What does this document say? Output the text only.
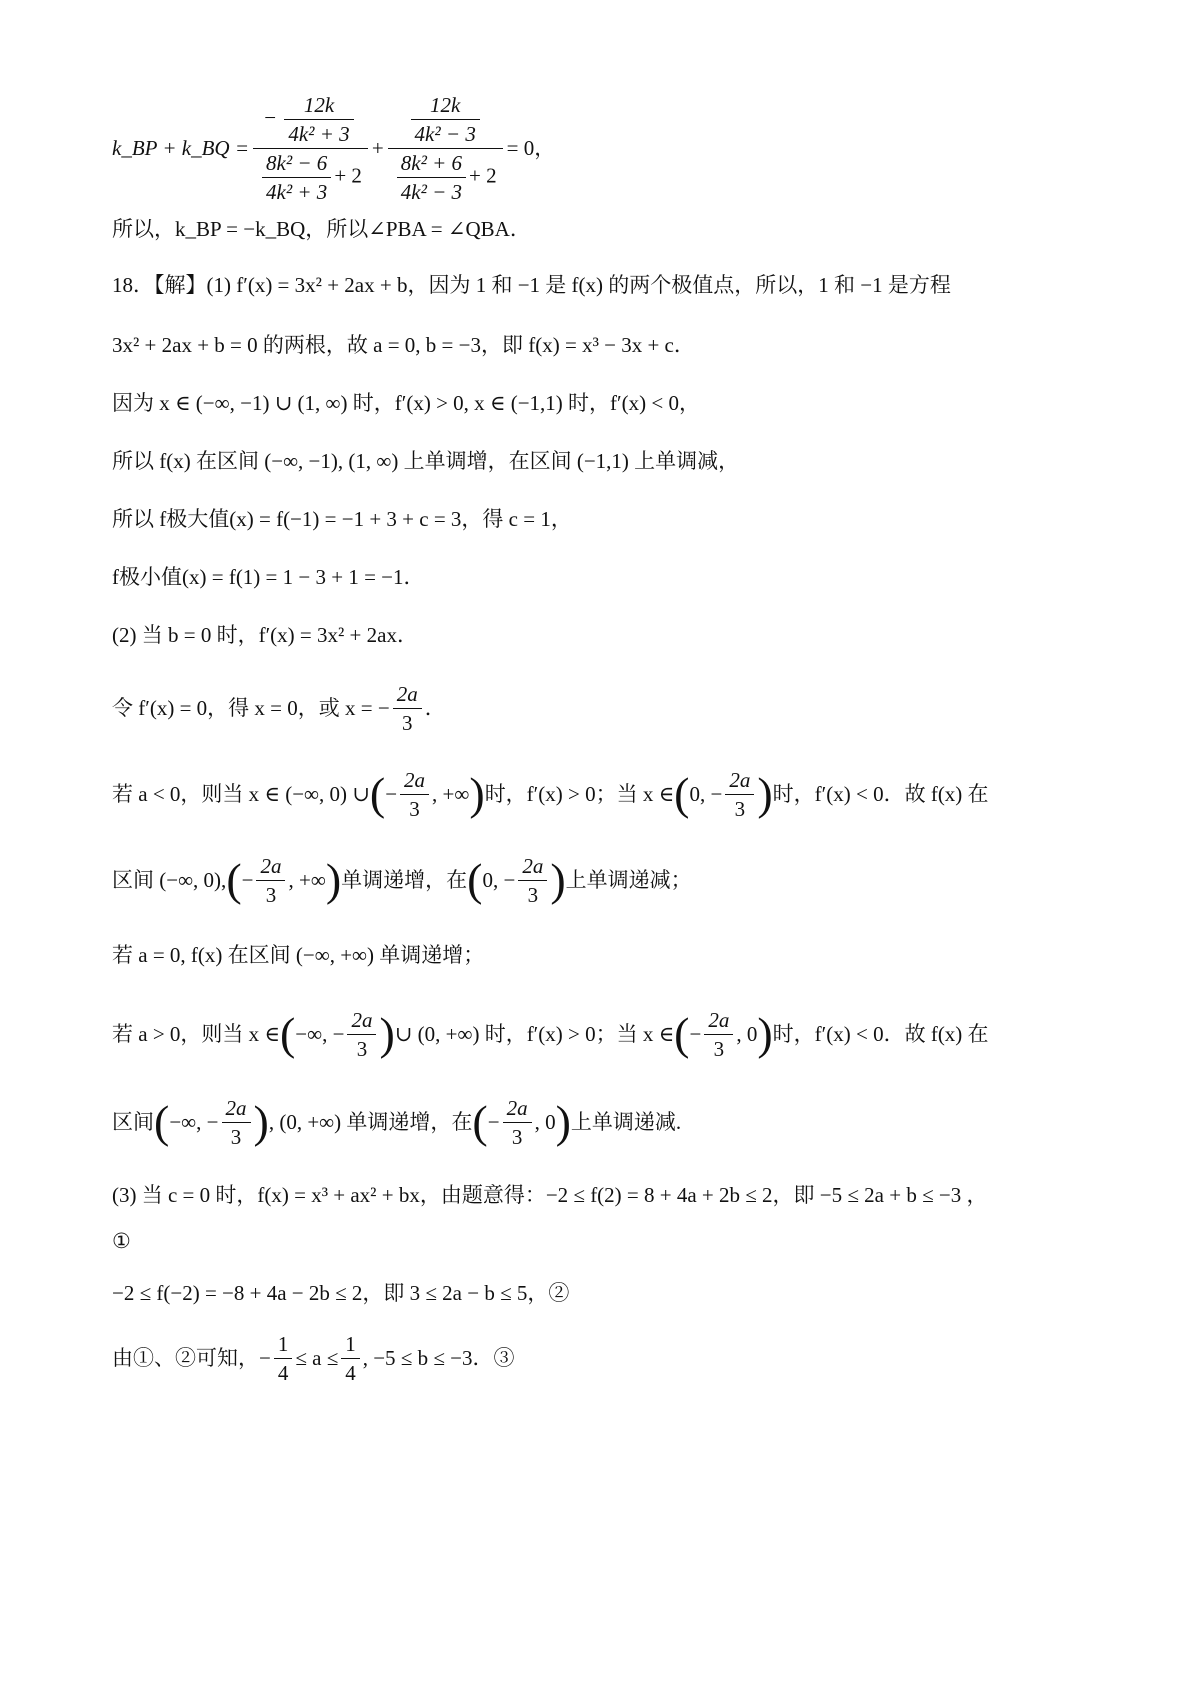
k_BP + k_BQ = $\frac{- \frac{12k}{\text{4k² + 3}}}{\frac{\text{8k² − 6}}{\text{4k² + 3}} + 2} + \frac{\frac{12k}{\text{4k² − 3}}}{\frac{\text{8k² + 6}}{\text{4k² − 3}} + 2} = 0$，
所以，k_BP = −k_BQ，所以∠PBA = ∠QBA．
18．【解】(1) f′(x) = 3x² + 2ax + b，因为 1 和 −1 是 f(x) 的两个极值点，所以，1 和 −1 是方程
3x² + 2ax + b = 0 的两根，故 a = 0, b = −3，即 f(x) = x³ − 3x + c．
因为 x ∈ (−∞, −1) ∪ (1, ∞) 时，f′(x) > 0, x ∈ (−1,1) 时，f′(x) < 0，
所以 f(x) 在区间 (−∞, −1), (1, ∞) 上单调增，在区间 (−1,1) 上单调减，
所以 f极大值(x) = f(−1) = −1 + 3 + c = 3，得 c = 1，
f极小值(x) = f(1) = 1 − 3 + 1 = −1．
(2) 当 b = 0 时，f′(x) = 3x² + 2ax．
令 f′(x) = 0，得 x = 0，或 x = − $\frac{2a}{3}$ ．
若 a < 0，则当 x ∈ (−∞, 0) ∪ ( − $\frac{2a}{3}$ , +∞ ) 时，f′(x) > 0；当 x ∈ ( 0, − $\frac{2a}{3}$ ) 时，f′(x) < 0．故 f(x) 在
区间 (−∞, 0), ( − $\frac{2a}{3}$ , +∞ ) 单调递增，在 ( 0, − $\frac{2a}{3}$ ) 上单调递减；
若 a = 0, f(x) 在区间 (−∞, +∞) 单调递增；
若 a > 0，则当 x ∈ ( −∞, − $\frac{2a}{3}$ ) ∪ (0, +∞) 时，f′(x) > 0；当 x ∈ ( − $\frac{2a}{3}$ , 0 ) 时，f′(x) < 0．故 f(x) 在
区间 ( −∞, − $\frac{2a}{3}$ ) , (0, +∞) 单调递增，在 ( − $\frac{2a}{3}$ , 0 ) 上单调递减.
(3) 当 c = 0 时，f(x) = x³ + ax² + bx，由题意得：−2 ≤ f(2) = 8 + 4a + 2b ≤ 2，即 −5 ≤ 2a + b ≤ −3 ，
①
−2 ≤ f(−2) = −8 + 4a − 2b ≤ 2，即 3 ≤ 2a − b ≤ 5，②
由①、②可知，− $\frac{1}{4} \le a \le \frac{1}{4}$ , −5 ≤ b ≤ −3．③
